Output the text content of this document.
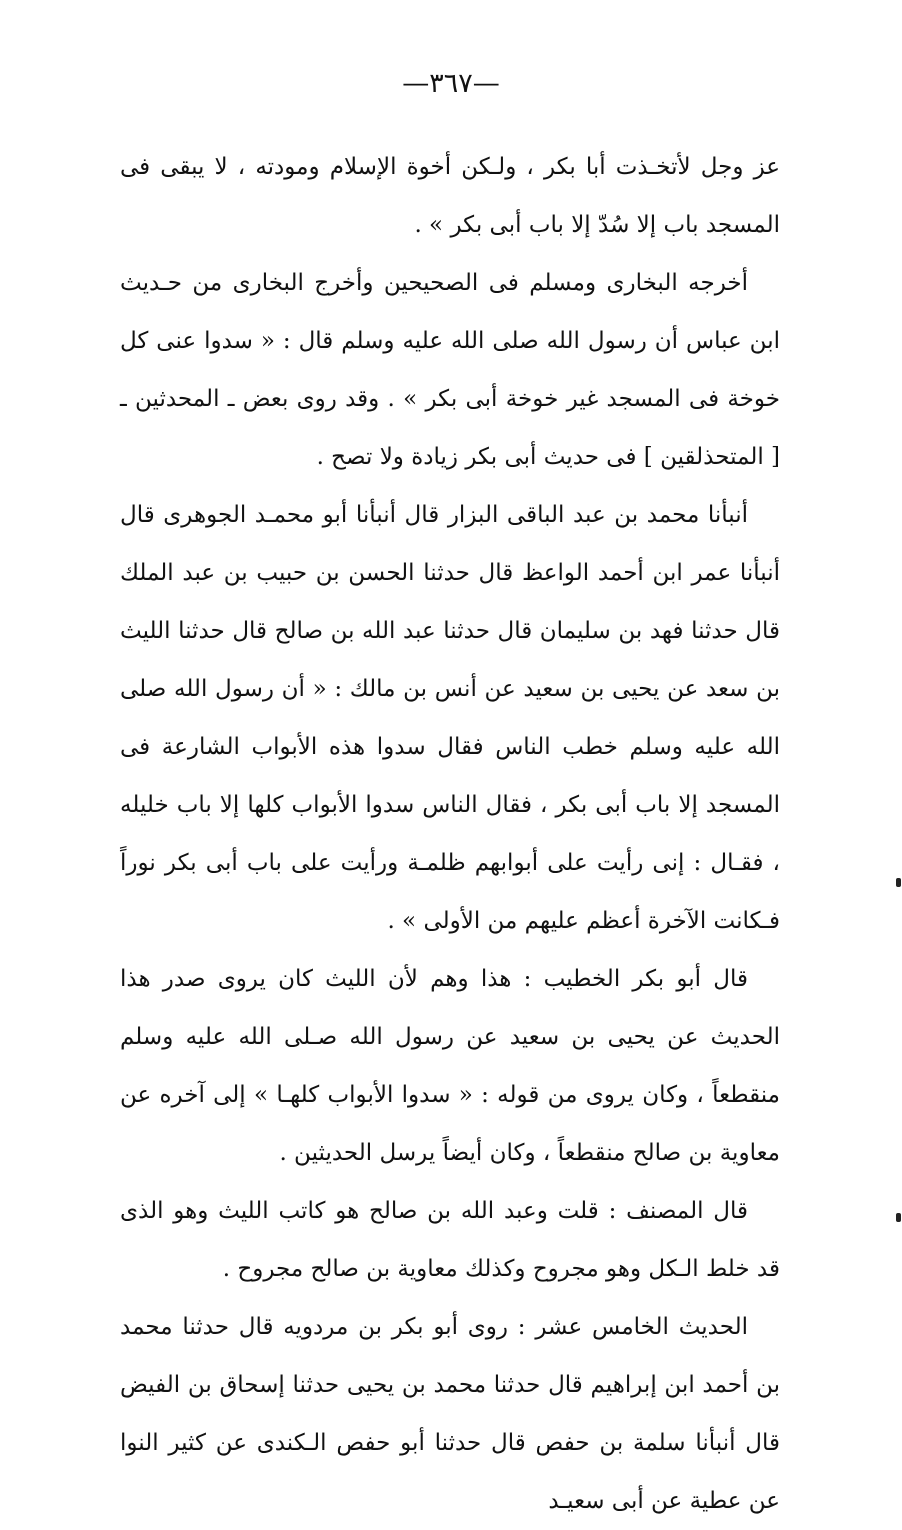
—٣٦٧—

عز وجل لأتخـذت أبا بكر ، ولـكن أخوة الإسلام ومودته ، لا يبقى فى المسجد باب إلا سُدّ إلا باب أبى بكر » .

أخرجه البخارى ومسلم فى الصحيحين وأخرج البخارى من حـديث ابن عباس أن رسول الله صلى الله عليه وسلم قال : « سدوا عنى كل خوخة فى المسجد غير خوخة أبى بكر » . وقد روى بعض ـ المحدثين ـ [ المتحذلقين ] فى حديث أبى بكر زيادة ولا تصح .

أنبأنا محمد بن عبد الباقى البزار قال أنبأنا أبو محمـد الجوهرى قال أنبأنا عمر ابن أحمد الواعظ قال حدثنا الحسن بن حبيب بن عبد الملك قال حدثنا فهد بن سليمان قال حدثنا عبد الله بن صالح قال حدثنا الليث بن سعد عن يحيى بن سعيد عن أنس بن مالك : « أن رسول الله صلى الله عليه وسلم خطب الناس فقال سدوا هذه الأبواب الشارعة فى المسجد إلا باب أبى بكر ، فقال الناس سدوا الأبواب كلها إلا باب خليله ، فقـال : إنى رأيت على أبوابهم ظلمـة ورأيت على باب أبى بكر نوراً فـكانت الآخرة أعظم عليهم من الأولى » .

قال أبو بكر الخطيب : هذا وهم لأن الليث كان يروى صدر هذا الحديث عن يحيى بن سعيد عن رسول الله صـلى الله عليه وسلم منقطعاً ، وكان يروى من قوله : « سدوا الأبواب كلهـا » إلى آخره عن معاوية بن صالح منقطعاً ، وكان أيضاً يرسل الحديثين .

قال المصنف : قلت وعبد الله بن صالح هو كاتب الليث وهو الذى قد خلط الـكل وهو مجروح وكذلك معاوية بن صالح مجروح .

الحديث الخامس عشر : روى أبو بكر بن مردويه قال حدثنا محمد بن أحمد ابن إبراهيم قال حدثنا محمد بن يحيى حدثنا إسحاق بن الفيض قال أنبأنا سلمة بن حفص قال حدثنا أبو حفص الـكندى عن كثير النوا عن عطية عن أبى سعيـد
